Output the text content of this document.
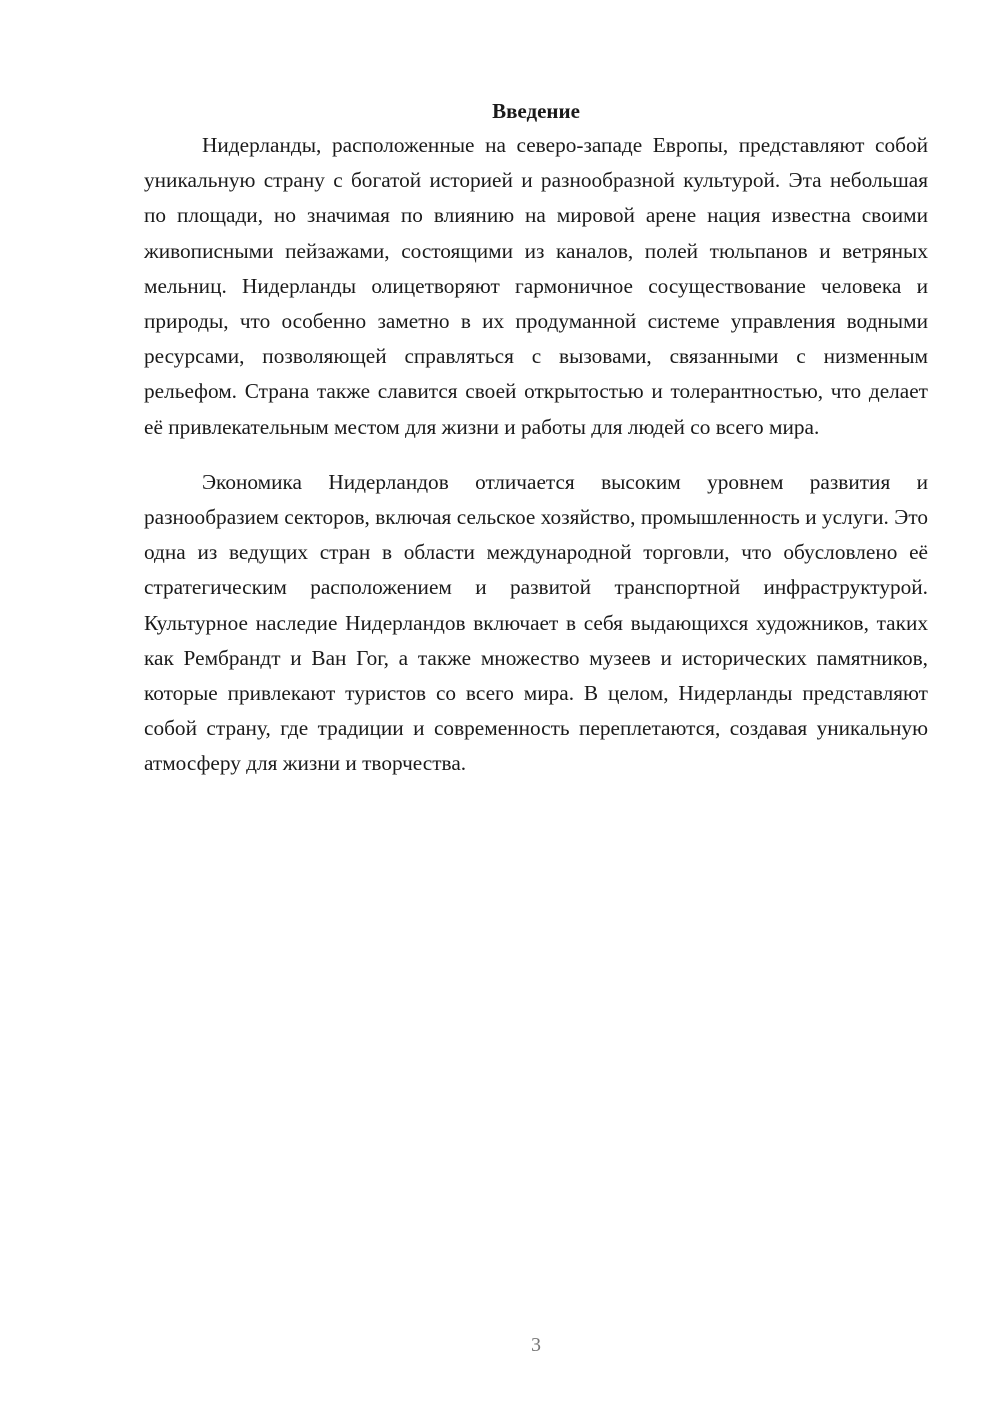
Введение

Нидерланды, расположенные на северо-западе Европы, представляют собой уникальную страну с богатой историей и разнообразной культурой. Эта небольшая по площади, но значимая по влиянию на мировой арене нация известна своими живописными пейзажами, состоящими из каналов, полей тюльпанов и ветряных мельниц. Нидерланды олицетворяют гармоничное сосуществование человека и природы, что особенно заметно в их продуманной системе управления водными ресурсами, позволяющей справляться с вызовами, связанными с низменным рельефом. Страна также славится своей открытостью и толерантностью, что делает её привлекательным местом для жизни и работы для людей со всего мира.

Экономика Нидерландов отличается высоким уровнем развития и разнообразием секторов, включая сельское хозяйство, промышленность и услуги. Это одна из ведущих стран в области международной торговли, что обусловлено её стратегическим расположением и развитой транспортной инфраструктурой. Культурное наследие Нидерландов включает в себя выдающихся художников, таких как Рембрандт и Ван Гог, а также множество музеев и исторических памятников, которые привлекают туристов со всего мира. В целом, Нидерланды представляют собой страну, где традиции и современность переплетаются, создавая уникальную атмосферу для жизни и творчества.

3
